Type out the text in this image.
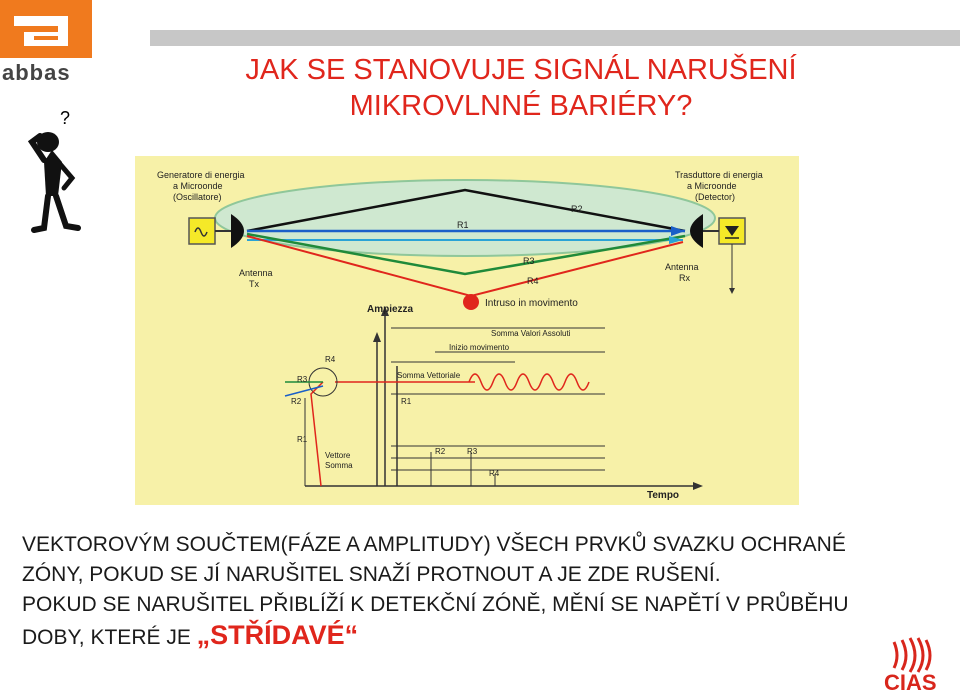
abbas	JAK SE STANOVUJE SIGNÁL NARUŠENÍ
MIKROVLNNÉ BARIÉRY?
?
Generatore di energia a Microonde (Oscillatore)
Trasduttore di energia a Microonde (Detector)
Antenna Tx
Antenna Rx
R1
R2
R3
R4
Intruso in movimento
Ampiezza
Tempo
Somma Valori Assoluti
Inizio movimento
R1
R2	R3
R4
Somma Vettoriale
R4
R3
R2
R1
Vettore Somma

VEKTOROVÝM SOUČTEM(FÁZE A AMPLITUDY) VŠECH PRVKŮ SVAZKU OCHRANÉ

ZÓNY, POKUD SE JÍ NARUŠITEL SNAŽÍ PROTNOUT A JE ZDE RUŠENÍ.

POKUD SE NARUŠITEL PŘIBLÍŽÍ K DETEKČNÍ ZÓNĚ, MĚNÍ SE NAPĚTÍ V PRŮBĚHU

DOBY, KTERÉ JE „STŘÍDAVÉ“

CIAS
